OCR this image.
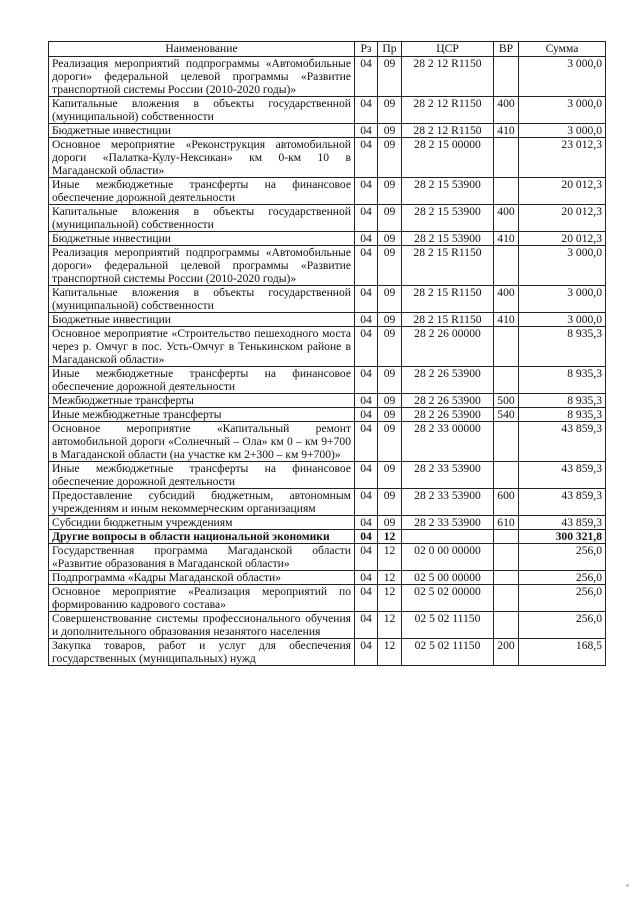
Наименование	Рз	Пр	ЦСР	ВР	Сумма
Реализация мероприятий подпрограммы «Автомобильные дороги» федеральной целевой программы «Развитие транспортной системы России (2010-2020 годы)»	04	09	28 2 12 R1150		3 000,0
Капитальные вложения в объекты государственной (муниципальной) собственности	04	09	28 2 12 R1150	400	3 000,0
Бюджетные инвестиции	04	09	28 2 12 R1150	410	3 000,0
Основное мероприятие «Реконструкция автомобильной дороги «Палатка-Кулу-Нексикан» км 0-км 10 в Магаданской области»	04	09	28 2 15 00000		23 012,3
Иные межбюджетные трансферты на финансовое обеспечение дорожной деятельности	04	09	28 2 15 53900		20 012,3
Капитальные вложения в объекты государственной (муниципальной) собственности	04	09	28 2 15 53900	400	20 012,3
Бюджетные инвестиции	04	09	28 2 15 53900	410	20 012,3
Реализация мероприятий подпрограммы «Автомобильные дороги» федеральной целевой программы «Развитие транспортной системы России (2010-2020 годы)»	04	09	28 2 15 R1150		3 000,0
Капитальные вложения в объекты государственной (муниципальной) собственности	04	09	28 2 15 R1150	400	3 000,0
Бюджетные инвестиции	04	09	28 2 15 R1150	410	3 000,0
Основное мероприятие «Строительство пешеходного моста через р. Омчуг в пос. Усть-Омчуг в Тенькинском районе в Магаданской области»	04	09	28 2 26 00000		8 935,3
Иные межбюджетные трансферты на финансовое обеспечение дорожной деятельности	04	09	28 2 26 53900		8 935,3
Межбюджетные трансферты	04	09	28 2 26 53900	500	8 935,3
Иные межбюджетные трансферты	04	09	28 2 26 53900	540	8 935,3
Основное мероприятие «Капитальный ремонт автомобильной дороги «Солнечный – Ола» км 0 – км 9+700 в Магаданской области (на участке км 2+300 – км 9+700)»	04	09	28 2 33 00000		43 859,3
Иные межбюджетные трансферты на финансовое обеспечение дорожной деятельности	04	09	28 2 33 53900		43 859,3
Предоставление субсидий бюджетным, автономным учреждениям и иным некоммерческим организациям	04	09	28 2 33 53900	600	43 859,3
Субсидии бюджетным учреждениям	04	09	28 2 33 53900	610	43 859,3
Другие вопросы в области национальной экономики	04	12			300 321,8
Государственная программа Магаданской области «Развитие образования в Магаданской области»	04	12	02 0 00 00000		256,0
Подпрограмма «Кадры Магаданской области»	04	12	02 5 00 00000		256,0
Основное мероприятие «Реализация мероприятий по формированию кадрового состава»	04	12	02 5 02 00000		256,0
Совершенствование системы профессионального обучения и дополнительного образования незанятого населения	04	12	02 5 02 11150		256,0
Закупка товаров, работ и услуг для обеспечения государственных (муниципальных) нужд	04	12	02 5 02 11150	200	168,5
